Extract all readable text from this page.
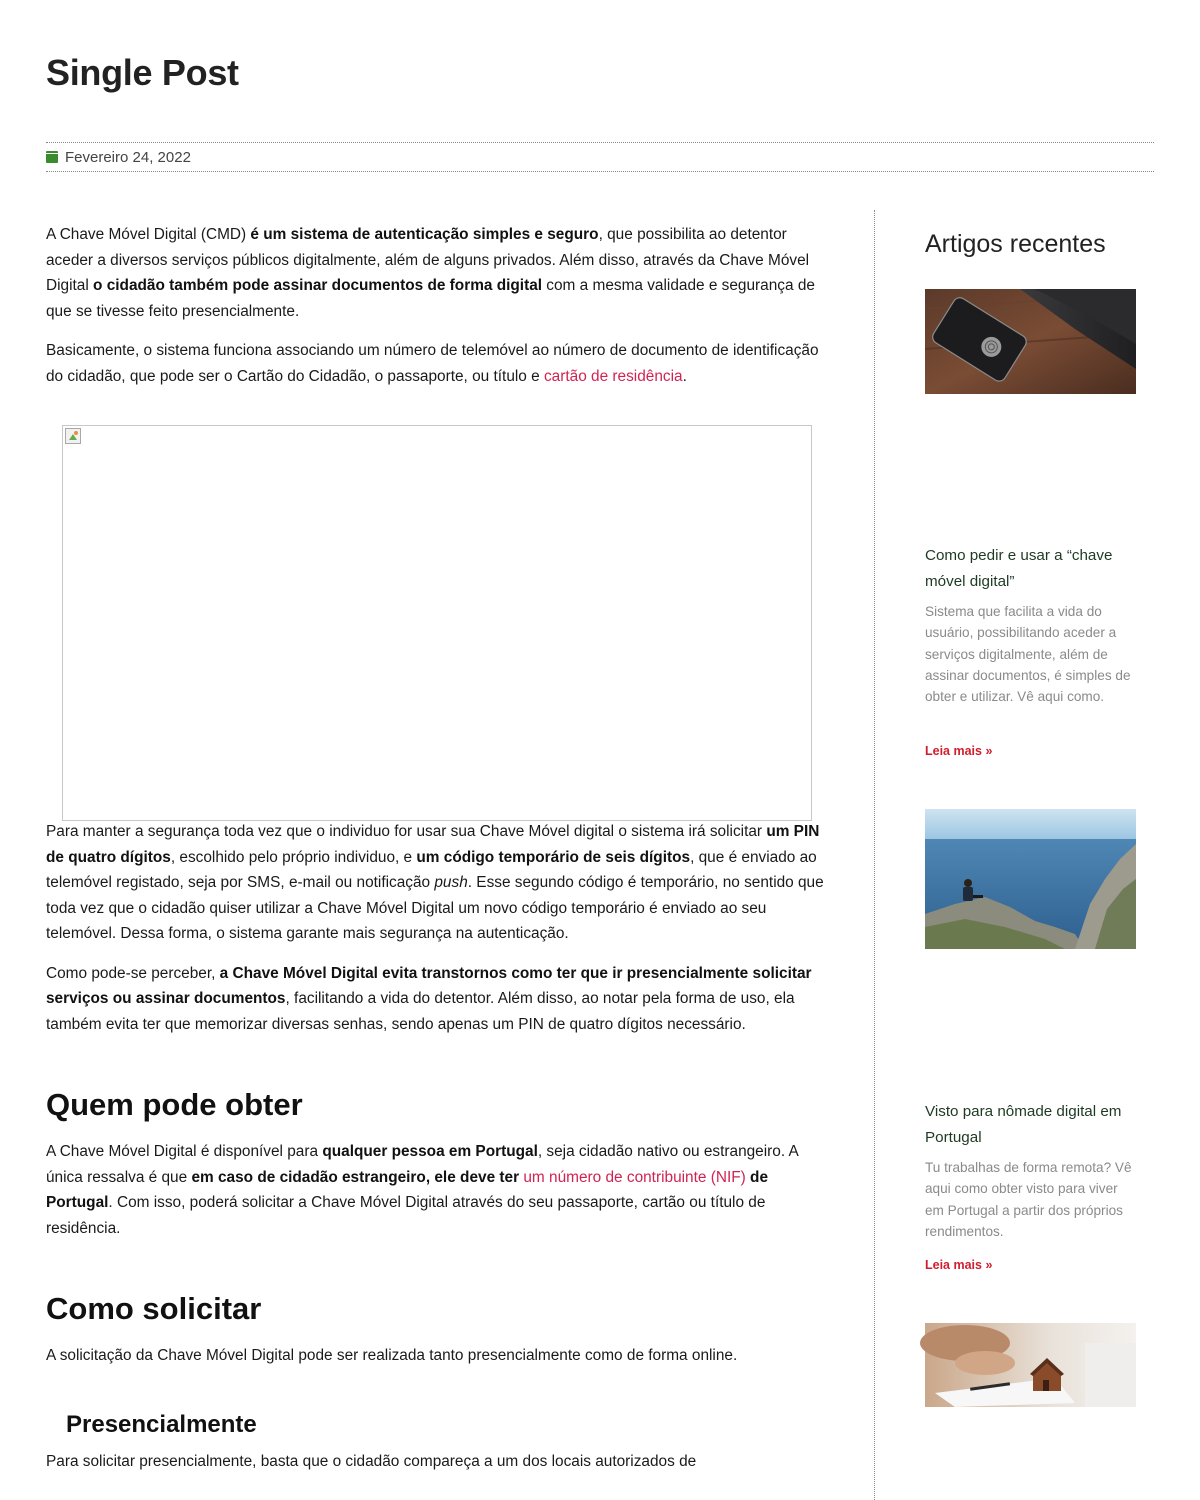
Single Post
Fevereiro 24, 2022

A Chave Móvel Digital (CMD) é um sistema de autenticação simples e seguro, que possibilita ao detentor aceder a diversos serviços públicos digitalmente, além de alguns privados. Além disso, através da Chave Móvel Digital o cidadão também pode assinar documentos de forma digital com a mesma validade e segurança de que se tivesse feito presencialmente.

Basicamente, o sistema funciona associando um número de telemóvel ao número de documento de identificação do cidadão, que pode ser o Cartão do Cidadão, o passaporte, ou título e cartão de residência.

Para manter a segurança toda vez que o individuo for usar sua Chave Móvel digital o sistema irá solicitar um PIN de quatro dígitos, escolhido pelo próprio individuo, e um código temporário de seis dígitos, que é enviado ao telemóvel registado, seja por SMS, e-mail ou notificação push. Esse segundo código é temporário, no sentido que toda vez que o cidadão quiser utilizar a Chave Móvel Digital um novo código temporário é enviado ao seu telemóvel. Dessa forma, o sistema garante mais segurança na autenticação.

Como pode-se perceber, a Chave Móvel Digital evita transtornos como ter que ir presencialmente solicitar serviços ou assinar documentos, facilitando a vida do detentor. Além disso, ao notar pela forma de uso, ela também evita ter que memorizar diversas senhas, sendo apenas um PIN de quatro dígitos necessário.

Quem pode obter

A Chave Móvel Digital é disponível para qualquer pessoa em Portugal, seja cidadão nativo ou estrangeiro. A única ressalva é que em caso de cidadão estrangeiro, ele deve ter um número de contribuinte (NIF) de Portugal. Com isso, poderá solicitar a Chave Móvel Digital através do seu passaporte, cartão ou título de residência.

Como solicitar

A solicitação da Chave Móvel Digital pode ser realizada tanto presencialmente como de forma online.

Presencialmente
Para solicitar presencialmente, basta que o cidadão compareça a um dos locais autorizados de
Artigos recentes
Como pedir e usar a “chave móvel digital”
Sistema que facilita a vida do usuário, possibilitando aceder a serviços digitalmente, além de assinar documentos, é simples de obter e utilizar. Vê aqui como.
Leia mais »
Visto para nômade digital em Portugal
Tu trabalhas de forma remota? Vê aqui como obter visto para viver em Portugal a partir dos próprios rendimentos.
Leia mais »
